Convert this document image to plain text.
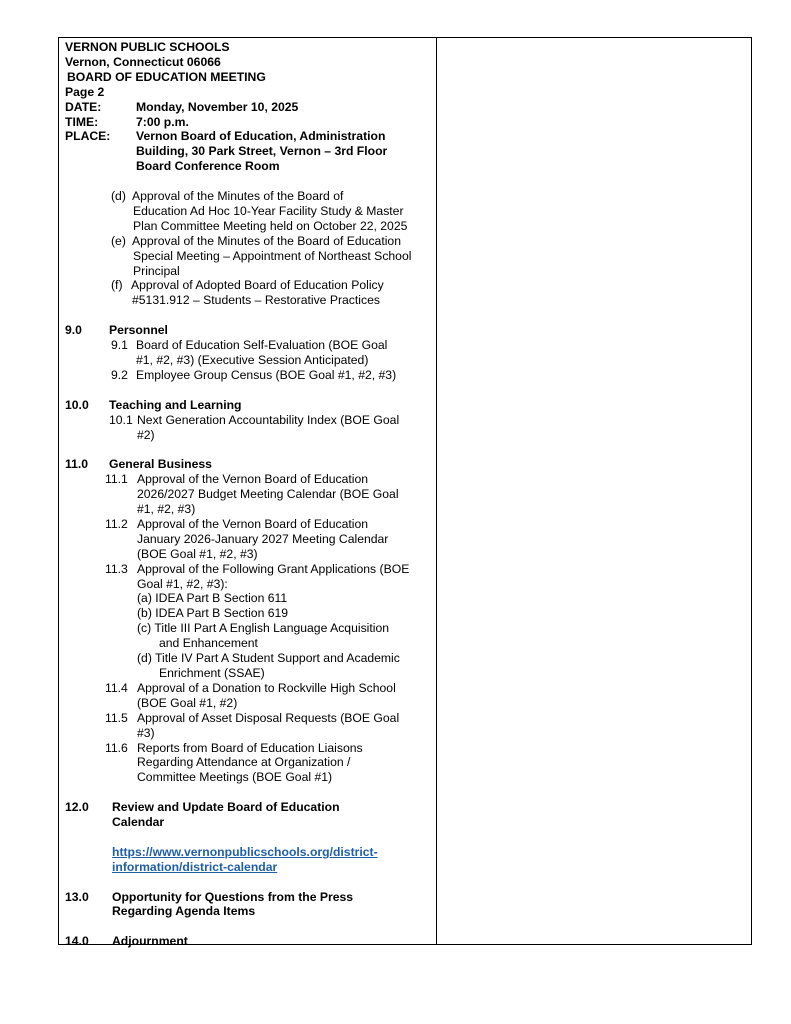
VERNON PUBLIC SCHOOLS
Vernon, Connecticut 06066
BOARD OF EDUCATION MEETING
Page 2
DATE:	Monday, November 10, 2025
TIME:	7:00 p.m.
PLACE:	Vernon Board of Education, Administration
Building, 30 Park Street, Vernon – 3rd Floor
Board Conference Room
(d) Approval of the Minutes of the Board of
Education Ad Hoc 10-Year Facility Study & Master
Plan Committee Meeting held on October 22, 2025
(e) Approval of the Minutes of the Board of Education
Special Meeting – Appointment of Northeast School
Principal
(f) Approval of Adopted Board of Education Policy
#5131.912 – Students – Restorative Practices
9.0	Personnel
9.1 Board of Education Self-Evaluation (BOE Goal
#1, #2, #3) (Executive Session Anticipated)
9.2 Employee Group Census (BOE Goal #1, #2, #3)
10.0	Teaching and Learning
10.1 Next Generation Accountability Index (BOE Goal
#2)
11.0	General Business
11.1 Approval of the Vernon Board of Education
2026/2027 Budget Meeting Calendar (BOE Goal
#1, #2, #3)
11.2 Approval of the Vernon Board of Education
January 2026-January 2027 Meeting Calendar
(BOE Goal #1, #2, #3)
11.3 Approval of the Following Grant Applications (BOE
Goal #1, #2, #3):
(a) IDEA Part B Section 611
(b) IDEA Part B Section 619
(c) Title III Part A English Language Acquisition
and Enhancement
(d) Title IV Part A Student Support and Academic
Enrichment (SSAE)
11.4 Approval of a Donation to Rockville High School
(BOE Goal #1, #2)
11.5 Approval of Asset Disposal Requests (BOE Goal
#3)
11.6 Reports from Board of Education Liaisons
Regarding Attendance at Organization /
Committee Meetings (BOE Goal #1)
12.0	Review and Update Board of Education
Calendar
https://www.vernonpublicschools.org/district-
information/district-calendar
13.0	Opportunity for Questions from the Press
Regarding Agenda Items
14.0	Adjournment
